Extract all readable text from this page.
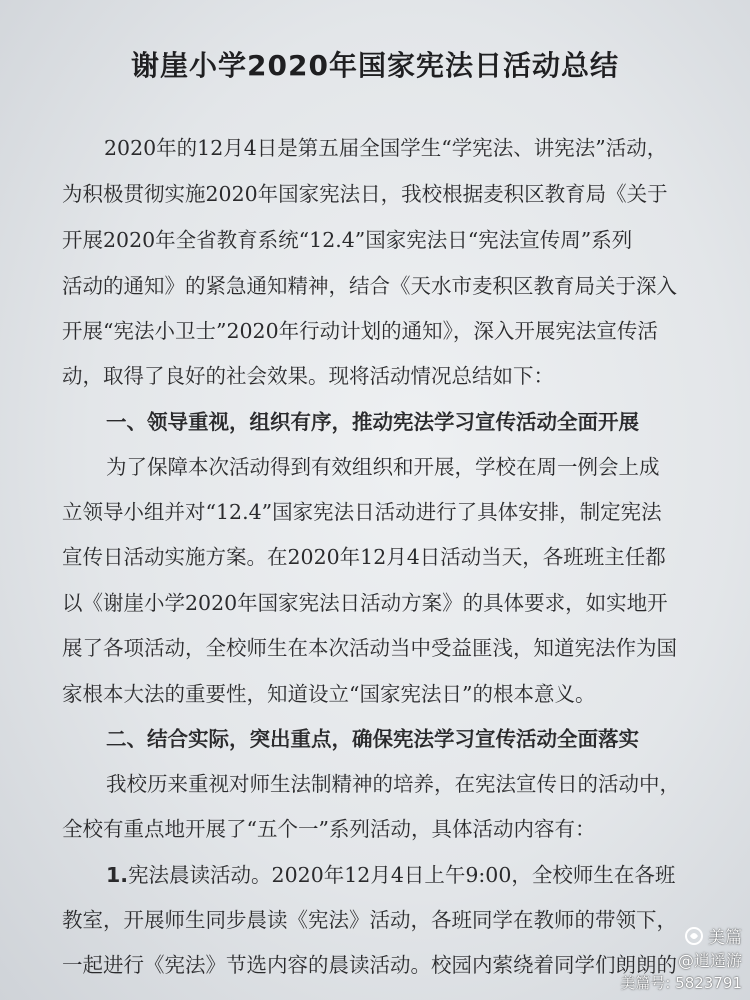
谢崖小学2020年国家宪法日活动总结
2020年的12月4日是第五届全国学生“学宪法、讲宪法”活动，
为积极贯彻实施2020年国家宪法日，我校根据麦积区教育局《关于
开展2020年全省教育系统“12.4”国家宪法日“宪法宣传周”系列
活动的通知》的紧急通知精神，结合《天水市麦积区教育局关于深入
开展“宪法小卫士”2020年行动计划的通知》，深入开展宪法宣传活
动，取得了良好的社会效果。现将活动情况总结如下：
一、领导重视，组织有序，推动宪法学习宣传活动全面开展
为了保障本次活动得到有效组织和开展，学校在周一例会上成
立领导小组并对“12.4”国家宪法日活动进行了具体安排，制定宪法
宣传日活动实施方案。在2020年12月4日活动当天，各班班主任都
以《谢崖小学2020年国家宪法日活动方案》的具体要求，如实地开
展了各项活动，全校师生在本次活动当中受益匪浅，知道宪法作为国
家根本大法的重要性，知道设立“国家宪法日”的根本意义。
二、结合实际，突出重点，确保宪法学习宣传活动全面落实
我校历来重视对师生法制精神的培养，在宪法宣传日的活动中，
全校有重点地开展了“五个一”系列活动，具体活动内容有：
1.宪法晨读活动。2020年12月4日上午9:00，全校师生在各班
教室，开展师生同步晨读《宪法》活动，各班同学在教师的带领下，
一起进行《宪法》节选内容的晨读活动。校园内萦绕着同学们朗朗的
美篇
@逍遥游
美篇号: 5823791
